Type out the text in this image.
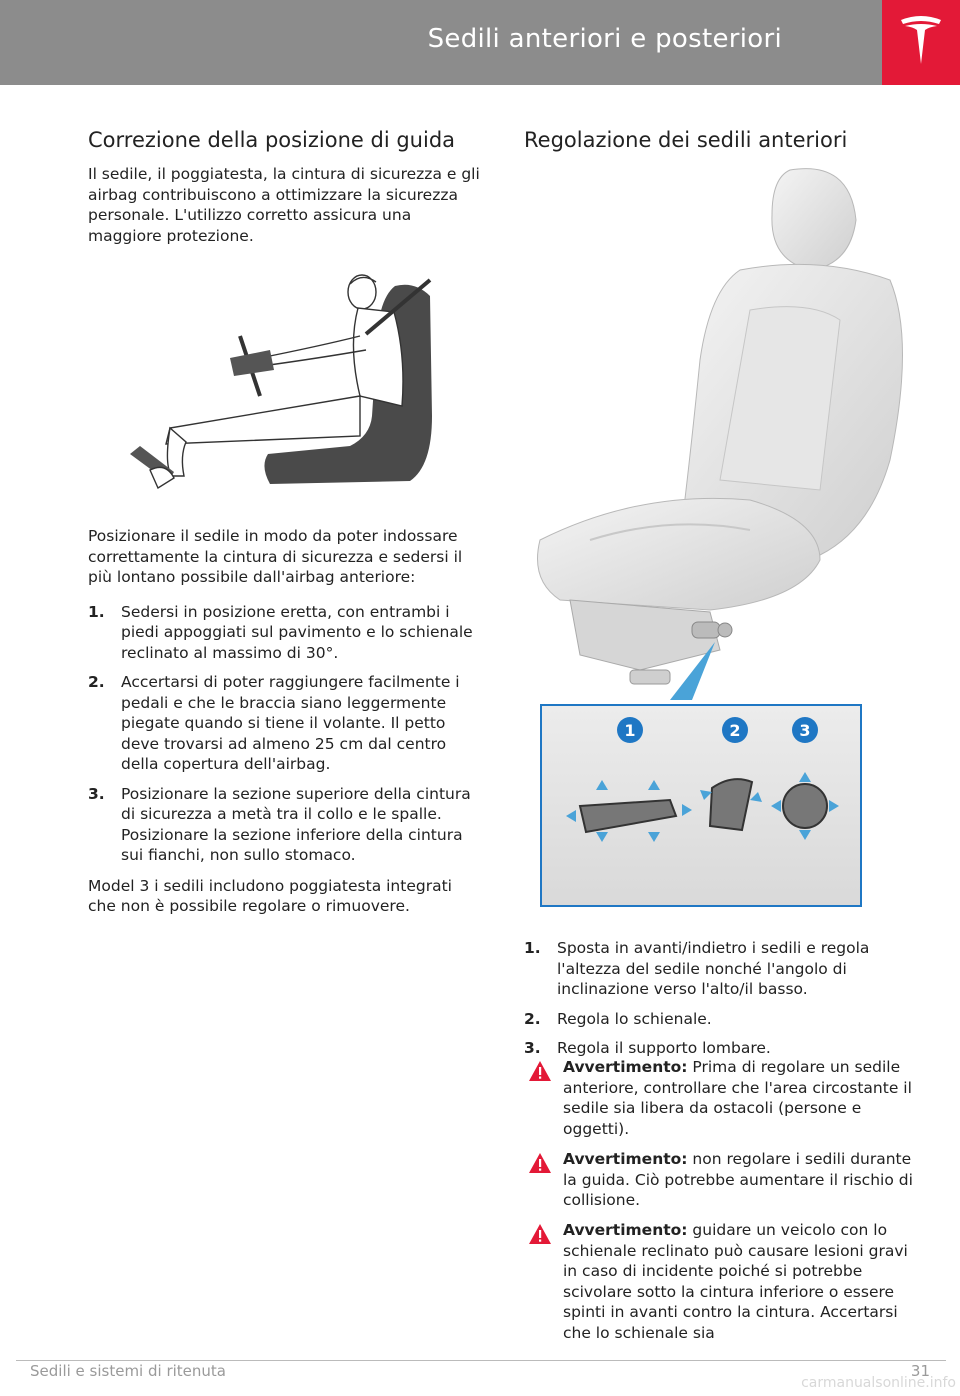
Sedili anteriori e posteriori
Correzione della posizione di guida

Il sedile, il poggiatesta, la cintura di sicurezza e gli airbag contribuiscono a ottimizzare la sicurezza personale. L'utilizzo corretto assicura una maggiore protezione.

Posizionare il sedile in modo da poter indossare correttamente la cintura di sicurezza e sedersi il più lontano possibile dall'airbag anteriore:

1. Sedersi in posizione eretta, con entrambi i piedi appoggiati sul pavimento e lo schienale reclinato al massimo di 30°.
2. Accertarsi di poter raggiungere facilmente i pedali e che le braccia siano leggermente piegate quando si tiene il volante. Il petto deve trovarsi ad almeno 25 cm dal centro della copertura dell'airbag.
3. Posizionare la sezione superiore della cintura di sicurezza a metà tra il collo e le spalle. Posizionare la sezione inferiore della cintura sui fianchi, non sullo stomaco.

Model 3 i sedili includono poggiatesta integrati che non è possibile regolare o rimuovere.

Regolazione dei sedili anteriori
1	2	3
1. Sposta in avanti/indietro i sedili e regola l'altezza del sedile nonché l'angolo di inclinazione verso l'alto/il basso.
2. Regola lo schienale.
3. Regola il supporto lombare.
Avvertimento: Prima di regolare un sedile anteriore, controllare che l'area circostante il sedile sia libera da ostacoli (persone e oggetti).
Avvertimento: non regolare i sedili durante la guida. Ciò potrebbe aumentare il rischio di collisione.
Avvertimento: guidare un veicolo con lo schienale reclinato può causare lesioni gravi in caso di incidente poiché si potrebbe scivolare sotto la cintura inferiore o essere spinti in avanti contro la cintura. Accertarsi che lo schienale sia
Sedili e sistemi di ritenuta	31
carmanualsonline.info
